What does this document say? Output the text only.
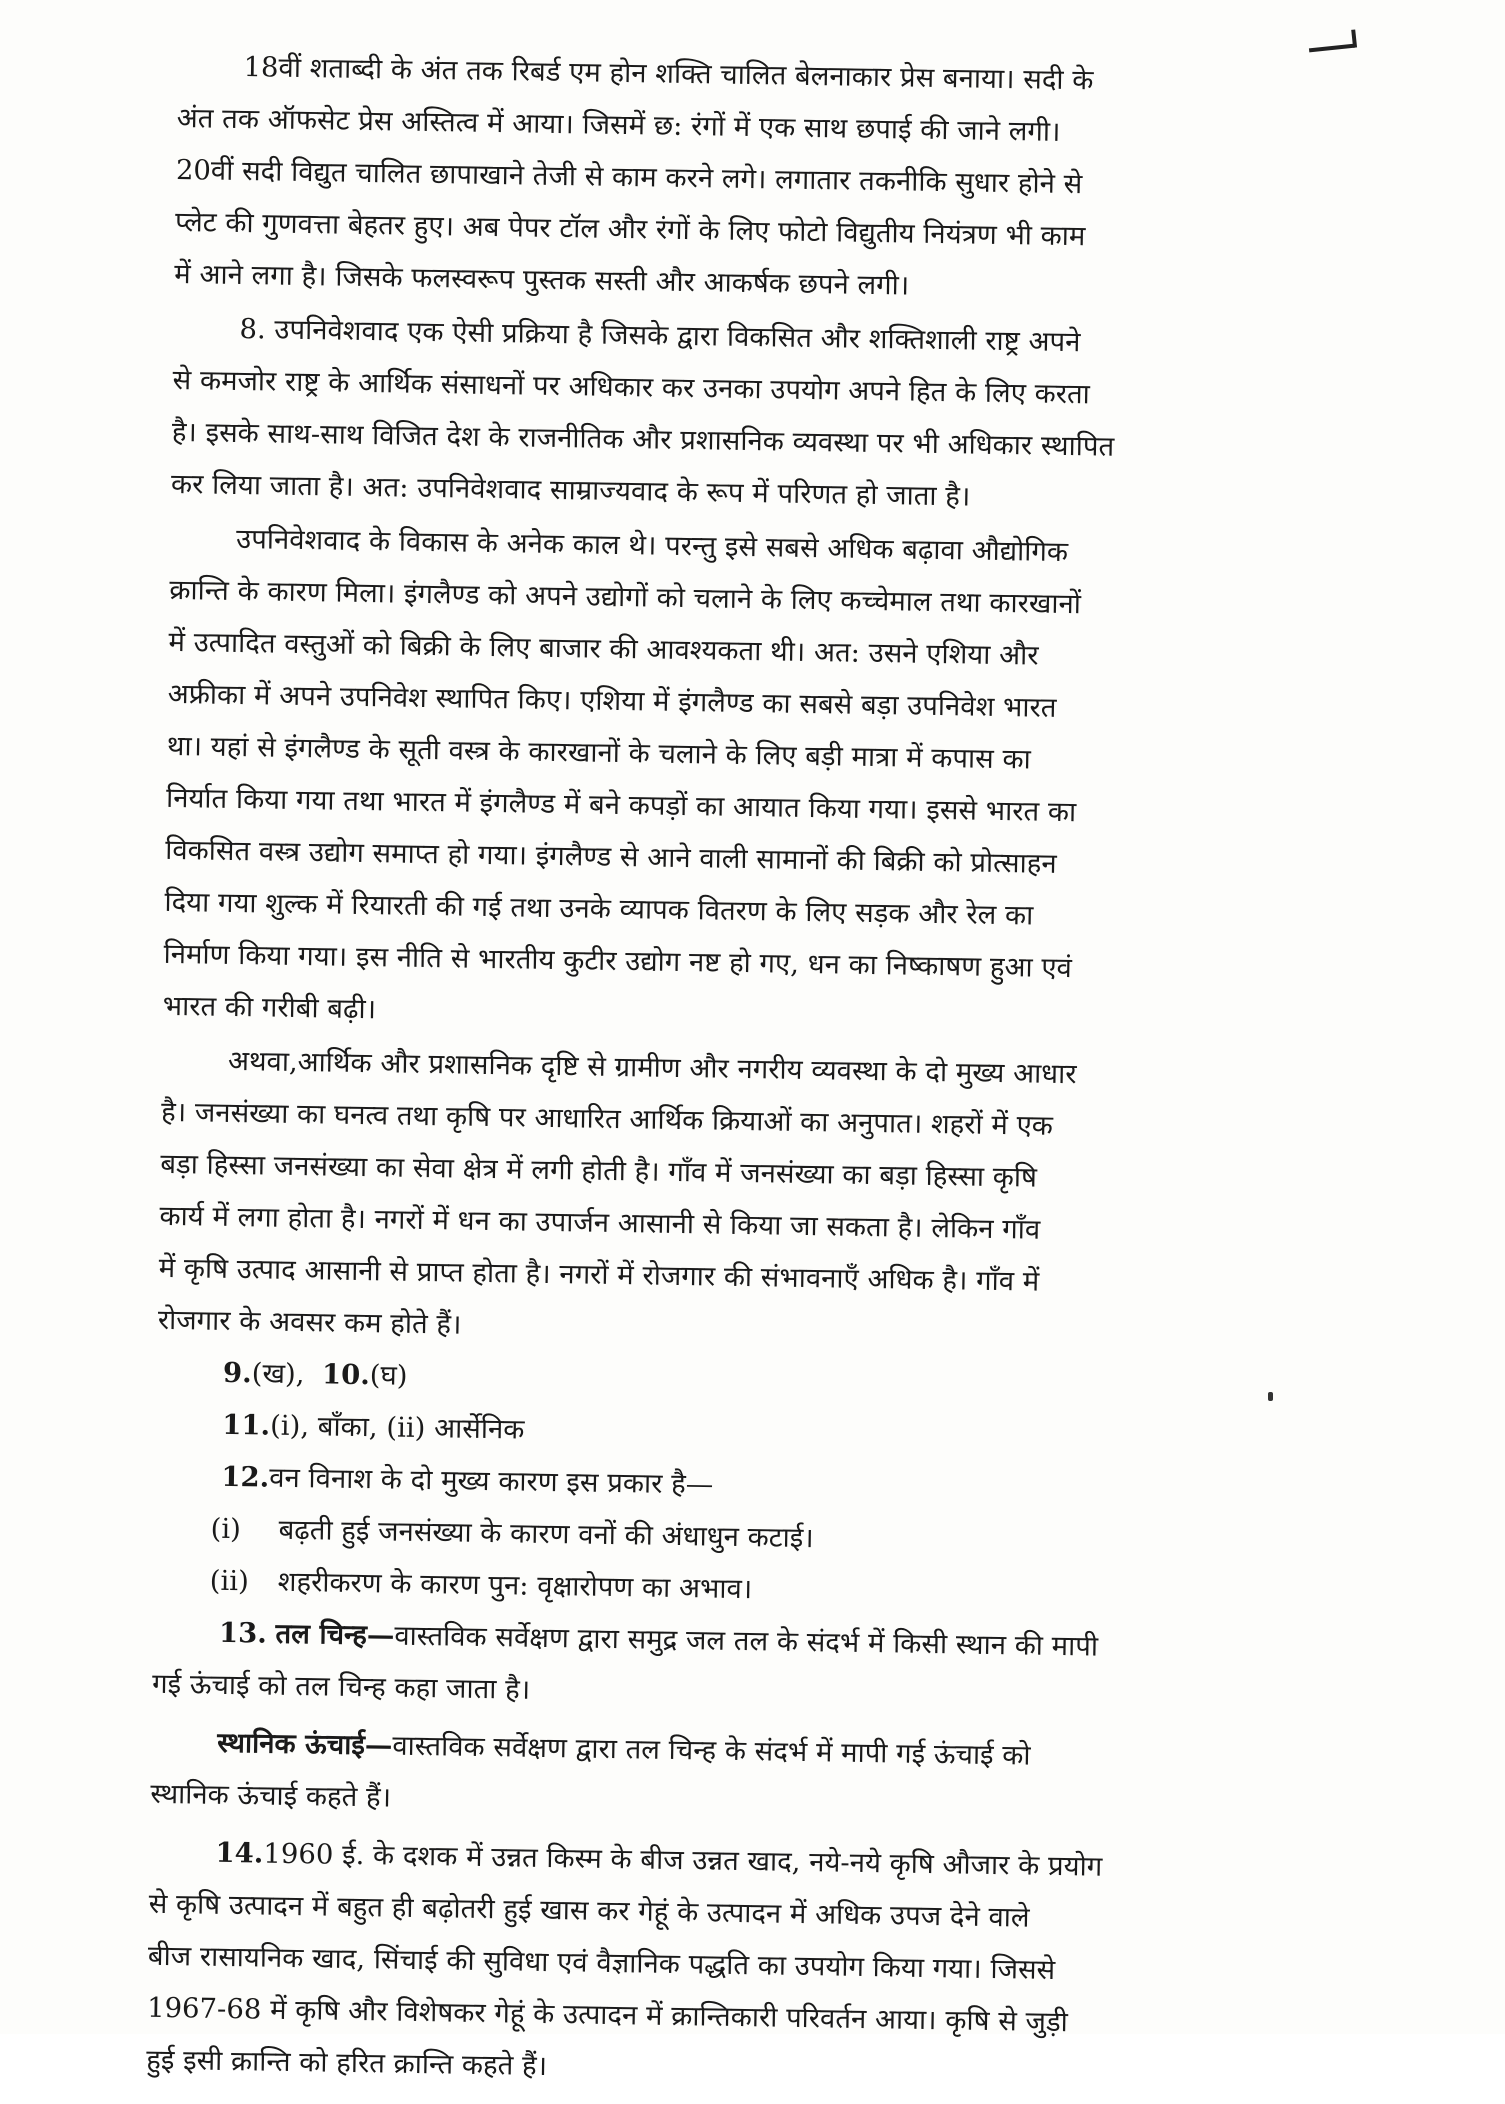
18वीं शताब्दी के अंत तक रिबर्ड एम होन शक्ति चालित बेलनाकार प्रेस बनाया। सदी के
अंत तक ऑफसेट प्रेस अस्तित्व में आया। जिसमें छ: रंगों में एक साथ छपाई की जाने लगी।
20वीं सदी विद्युत चालित छापाखाने तेजी से काम करने लगे। लगातार तकनीकि सुधार होने से
प्लेट की गुणवत्ता बेहतर हुए। अब पेपर टॉल और रंगों के लिए फोटो विद्युतीय नियंत्रण भी काम
में आने लगा है। जिसके फलस्वरूप पुस्तक सस्ती और आकर्षक छपने लगी।

8. उपनिवेशवाद एक ऐसी प्रक्रिया है जिसके द्वारा विकसित और शक्तिशाली राष्ट्र अपने
से कमजोर राष्ट्र के आर्थिक संसाधनों पर अधिकार कर उनका उपयोग अपने हित के लिए करता
है। इसके साथ-साथ विजित देश के राजनीतिक और प्रशासनिक व्यवस्था पर भी अधिकार स्थापित
कर लिया जाता है। अत: उपनिवेशवाद साम्राज्यवाद के रूप में परिणत हो जाता है।

उपनिवेशवाद के विकास के अनेक काल थे। परन्तु इसे सबसे अधिक बढ़ावा औद्योगिक
क्रान्ति के कारण मिला। इंगलैण्ड को अपने उद्योगों को चलाने के लिए कच्चेमाल तथा कारखानों
में उत्पादित वस्तुओं को बिक्री के लिए बाजार की आवश्यकता थी। अत: उसने एशिया और
अफ्रीका में अपने उपनिवेश स्थापित किए। एशिया में इंगलैण्ड का सबसे बड़ा उपनिवेश भारत
था। यहां से इंगलैण्ड के सूती वस्त्र के कारखानों के चलाने के लिए बड़ी मात्रा में कपास का
निर्यात किया गया तथा भारत में इंगलैण्ड में बने कपड़ों का आयात किया गया। इससे भारत का
विकसित वस्त्र उद्योग समाप्त हो गया। इंगलैण्ड से आने वाली सामानों की बिक्री को प्रोत्साहन
दिया गया शुल्क में रियारती की गई तथा उनके व्यापक वितरण के लिए सड़क और रेल का
निर्माण किया गया। इस नीति से भारतीय कुटीर उद्योग नष्ट हो गए, धन का निष्काषण हुआ एवं
भारत की गरीबी बढ़ी।

अथवा,आर्थिक और प्रशासनिक दृष्टि से ग्रामीण और नगरीय व्यवस्था के दो मुख्य आधार
है। जनसंख्या का घनत्व तथा कृषि पर आधारित आर्थिक क्रियाओं का अनुपात। शहरों में एक
बड़ा हिस्सा जनसंख्या का सेवा क्षेत्र में लगी होती है। गाँव में जनसंख्या का बड़ा हिस्सा कृषि
कार्य में लगा होता है। नगरों में धन का उपार्जन आसानी से किया जा सकता है। लेकिन गाँव
में कृषि उत्पाद आसानी से प्राप्त होता है। नगरों में रोजगार की संभावनाएँ अधिक है। गाँव में
रोजगार के अवसर कम होते हैं।

9.(ख), 10.(घ)
11.(i), बाँका, (ii) आर्सेनिक
12.वन विनाश के दो मुख्य कारण इस प्रकार है—
(i) बढ़ती हुई जनसंख्या के कारण वनों की अंधाधुन कटाई।
(ii) शहरीकरण के कारण पुन: वृक्षारोपण का अभाव।
13. तल चिन्ह—वास्तविक सर्वेक्षण द्वारा समुद्र जल तल के संदर्भ में किसी स्थान की मापी
गई ऊंचाई को तल चिन्ह कहा जाता है।
स्थानिक ऊंचाई—वास्तविक सर्वेक्षण द्वारा तल चिन्ह के संदर्भ में मापी गई ऊंचाई को
स्थानिक ऊंचाई कहते हैं।

14.1960 ई. के दशक में उन्नत किस्म के बीज उन्नत खाद, नये-नये कृषि औजार के प्रयोग
से कृषि उत्पादन में बहुत ही बढ़ोतरी हुई खास कर गेहूं के उत्पादन में अधिक उपज देने वाले
बीज रासायनिक खाद, सिंचाई की सुविधा एवं वैज्ञानिक पद्धति का उपयोग किया गया। जिससे
1967-68 में कृषि और विशेषकर गेहूं के उत्पादन में क्रान्तिकारी परिवर्तन आया। कृषि से जुड़ी
हुई इसी क्रान्ति को हरित क्रान्ति कहते हैं।
